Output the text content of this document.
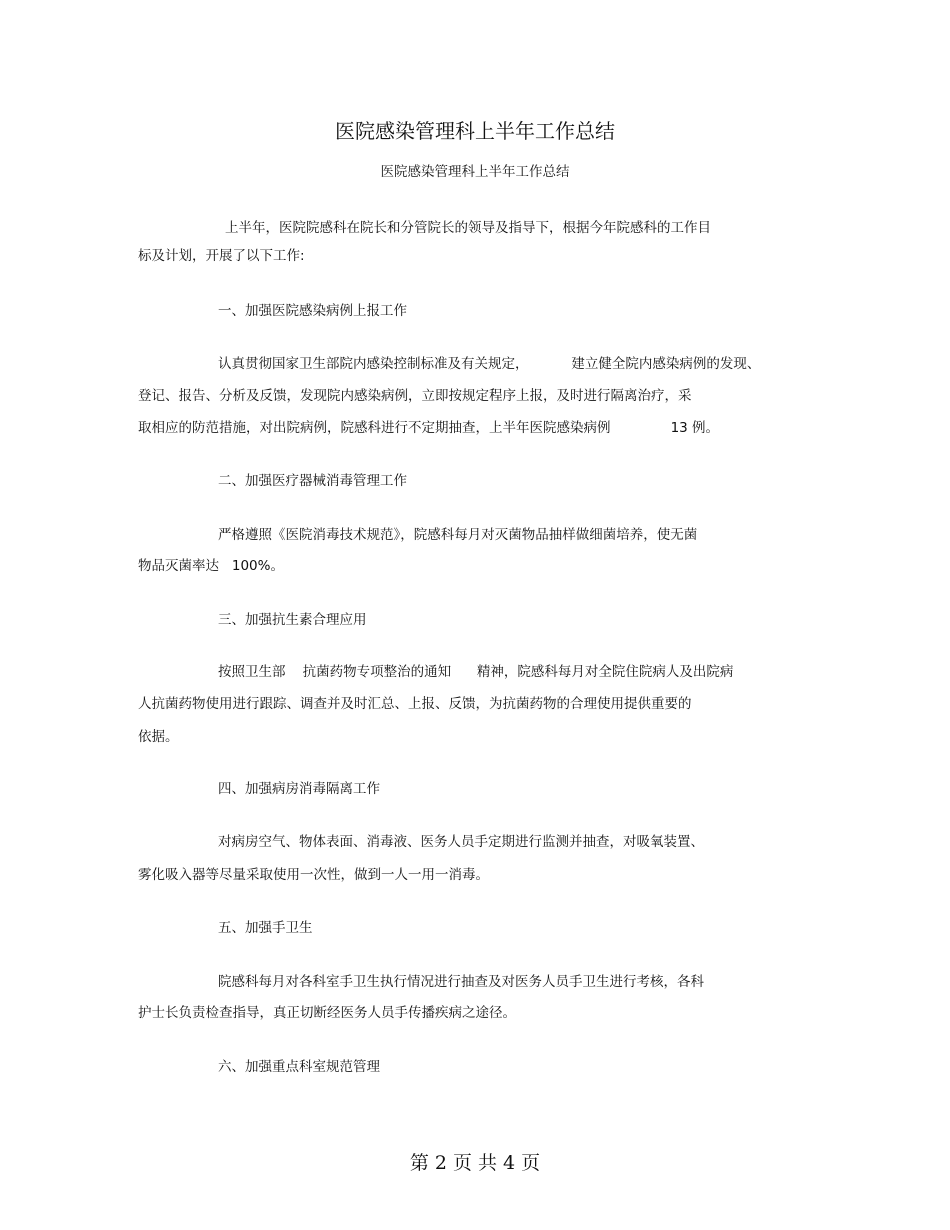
医院感染管理科上半年工作总结
医院感染管理科上半年工作总结
上半年，医院院感科在院长和分管院长的领导及指导下，根据今年院感科的工作目
标及计划，开展了以下工作:
一、加强医院感染病例上报工作
认真贯彻国家卫生部院内感染控制标准及有关规定，          建立健全院内感染病例的发现、
登记、报告、分析及反馈，发现院内感染病例，立即按规定程序上报，及时进行隔离治疗，采
取相应的防范措施，对出院病例，院感科进行不定期抽查，上半年医院感染病例              13 例。
二、加强医疗器械消毒管理工作
严格遵照《医院消毒技术规范》，院感科每月对灭菌物品抽样做细菌培养，使无菌
物品灭菌率达   100%。
三、加强抗生素合理应用
按照卫生部    抗菌药物专项整治的通知      精神，院感科每月对全院住院病人及出院病
人抗菌药物使用进行跟踪、调查并及时汇总、上报、反馈，为抗菌药物的合理使用提供重要的
依据。
四、加强病房消毒隔离工作
对病房空气、物体表面、消毒液、医务人员手定期进行监测并抽查，对吸氧装置、
雾化吸入器等尽量采取使用一次性，做到一人一用一消毒。
五、加强手卫生
院感科每月对各科室手卫生执行情况进行抽查及对医务人员手卫生进行考核，各科
护士长负责检查指导，真正切断经医务人员手传播疾病之途径。
六、加强重点科室规范管理
第 2 页 共 4 页
